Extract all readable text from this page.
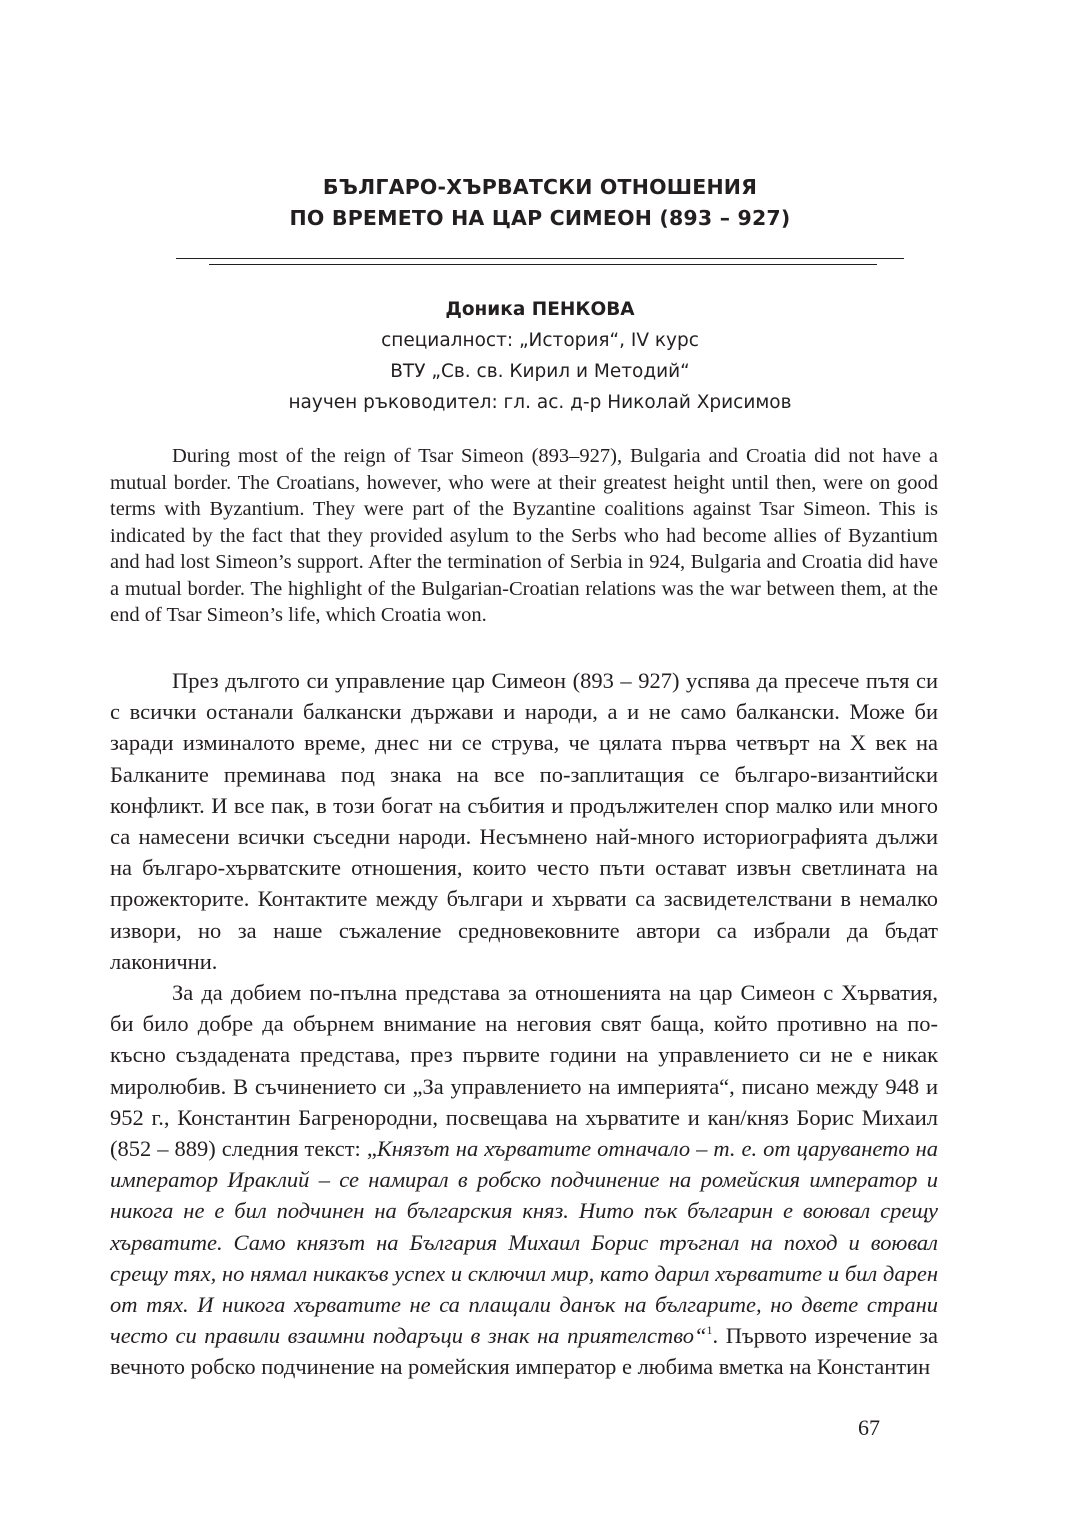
БЪЛГАРО-ХЪРВАТСКИ ОТНОШЕНИЯ
ПО ВРЕМЕТО НА ЦАР СИМЕОН (893 – 927)
Доника ПЕНКОВА
специалност: „История“, IV курс
ВТУ „Св. св. Кирил и Методий“
научен ръководител: гл. ас. д-р Николай Хрисимов

During most of the reign of Tsar Simeon (893–927), Bulgaria and Croatia did not have a mutual border. The Croatians, however, who were at their greatest height until then, were on good terms with Byzantium. They were part of the Byzantine coalitions against Tsar Simeon. This is indicated by the fact that they provided asylum to the Serbs who had become allies of Byzantium and had lost Simeon’s support. After the termination of Serbia in 924, Bulgaria and Croatia did have a mutual border. The highlight of the Bulgarian-Croatian relations was the war between them, at the end of Tsar Simeon’s life, which Croatia won.

През дългото си управление цар Симеон (893 – 927) успява да пресече пътя си с всички останали балкански държави и народи, а и не само балкански. Може би заради изминалото време, днес ни се струва, че цялата първа четвърт на X век на Балканите преминава под знака на все по-заплитащия се българо-византийски конфликт. И все пак, в този богат на събития и продължителен спор малко или много са намесени всички съседни народи. Несъмнено най-много историографията дължи на българо-хърватските отношения, които често пъти остават извън светлината на прожекторите. Контактите между българи и хървати са засвидетелствани в немалко извори, но за наше съжаление средновековните автори са избрали да бъдат лаконични.

За да добием по-пълна представа за отношенията на цар Симеон с Хърватия, би било добре да обърнем внимание на неговия свят баща, който противно на по-късно създадената представа, през първите години на управлението си не е никак миролюбив. В съчинението си „За управлението на империята“, писано между 948 и 952 г., Константин Багренородни, посвещава на хърватите и кан/княз Борис Михаил (852 – 889) следния текст: „Князът на хърватите отначало – т. е. от царуването на император Ираклий – се намирал в робско подчинение на ромейския император и никога не е бил подчинен на българския княз. Нито пък българин е воювал срещу хърватите. Само князът на България Михаил Борис тръгнал на поход и воювал срещу тях, но нямал никакъв успех и сключил мир, като дарил хърватите и бил дарен от тях. И никога хърватите не са плащали данък на българите, но двете страни често си правили взаимни подаръци в знак на приятелство“$^1$. Първото изречение за вечното робско подчинение на ромейския император е любима вметка на Константин

67
